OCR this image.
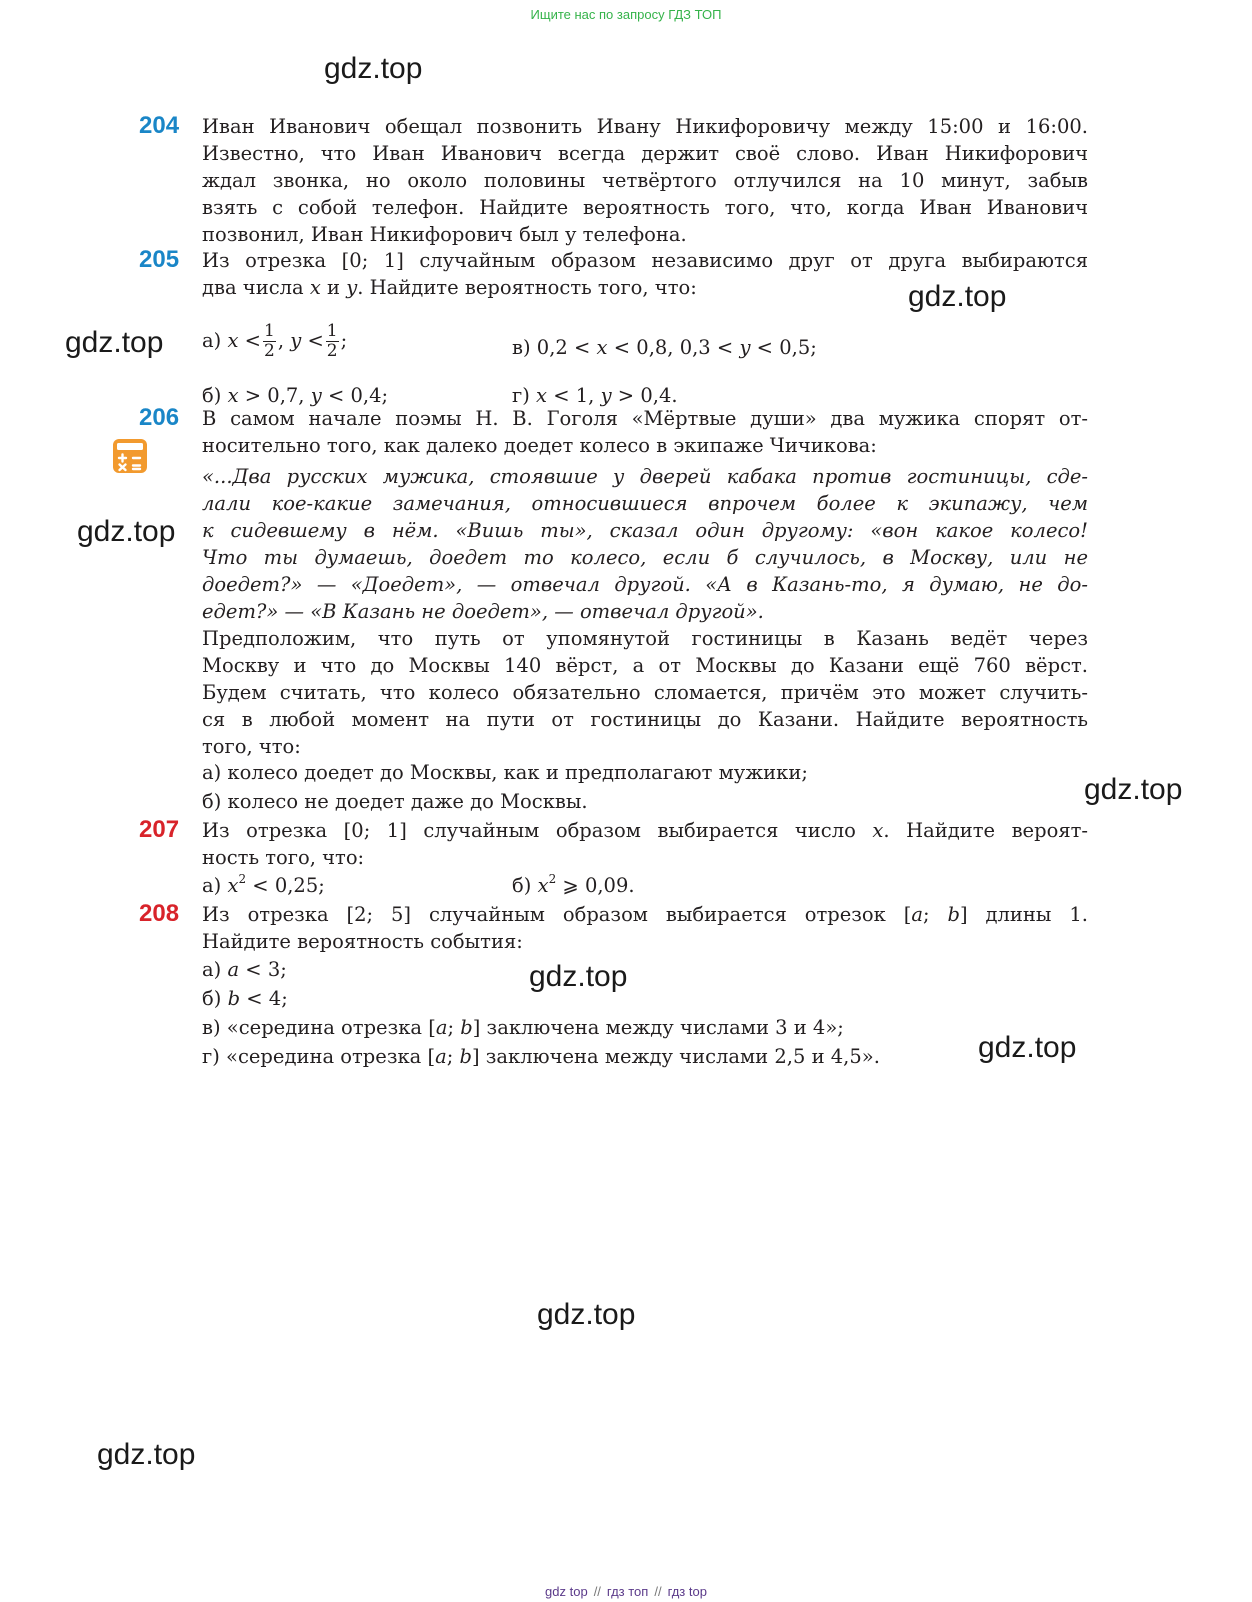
Ищите нас по запросу ГДЗ ТОП
gdz.top
gdz.top
gdz.top
gdz.top
gdz.top
gdz.top
gdz.top
gdz.top
gdz.top
204	Иван Иванович обещал позвонить Ивану Никифоровичу между 15:00 и 16:00.
Известно, что Иван Иванович всегда держит своё слово. Иван Никифорович
ждал звонка, но около половины четвёртого отлучился на 10 минут, забыв
взять с собой телефон. Найдите вероятность того, что, когда Иван Иванович
позвонил, Иван Никифорович был у телефона.
205	Из отрезка [0; 1] случайным образом независимо друг от друга выбираются
два числа x и y. Найдите вероятность того, что:
а) $x < \frac{1}{2}$ , $y < \frac{1}{2}$ ;	в) 0,2 < x < 0,8, 0,3 < y < 0,5;
б) x > 0,7, y < 0,4;	г) x < 1, y > 0,4.
206	В самом начале поэмы Н. В. Гоголя «Мёртвые души» два мужика спорят от-
носительно того, как далеко доедет колесо в экипаже Чичикова:
«...Два русских мужика, стоявшие у дверей кабака против гостиницы, сде-
лали кое-какие замечания, относившиеся впрочем более к экипажу, чем
к сидевшему в нём. «Вишь ты», сказал один другому: «вон какое колесо!
Что ты думаешь, доедет то колесо, если б случилось, в Москву, или не
доедет?» — «Доедет», — отвечал другой. «А в Казань-то, я думаю, не до-
едет?» — «В Казань не доедет», — отвечал другой».
Предположим, что путь от упомянутой гостиницы в Казань ведёт через
Москву и что до Москвы 140 вёрст, а от Москвы до Казани ещё 760 вёрст.
Будем считать, что колесо обязательно сломается, причём это может случить-
ся в любой момент на пути от гостиницы до Казани. Найдите вероятность
того, что:
а) колесо доедет до Москвы, как и предполагают мужики;
б) колесо не доедет даже до Москвы.
207	Из отрезка [0; 1] случайным образом выбирается число x. Найдите вероят-
ность того, что:
а) $x^2 < 0,25$;	б) $x^2$ ⩾ 0,09.
208	Из отрезка [2; 5] случайным образом выбирается отрезок [a; b] длины 1.
Найдите вероятность события:
а) a < 3;
б) b < 4;
в) «середина отрезка [a; b] заключена между числами 3 и 4»;
г) «середина отрезка [a; b] заключена между числами 2,5 и 4,5».
gdz top // гдз топ // гдз top
